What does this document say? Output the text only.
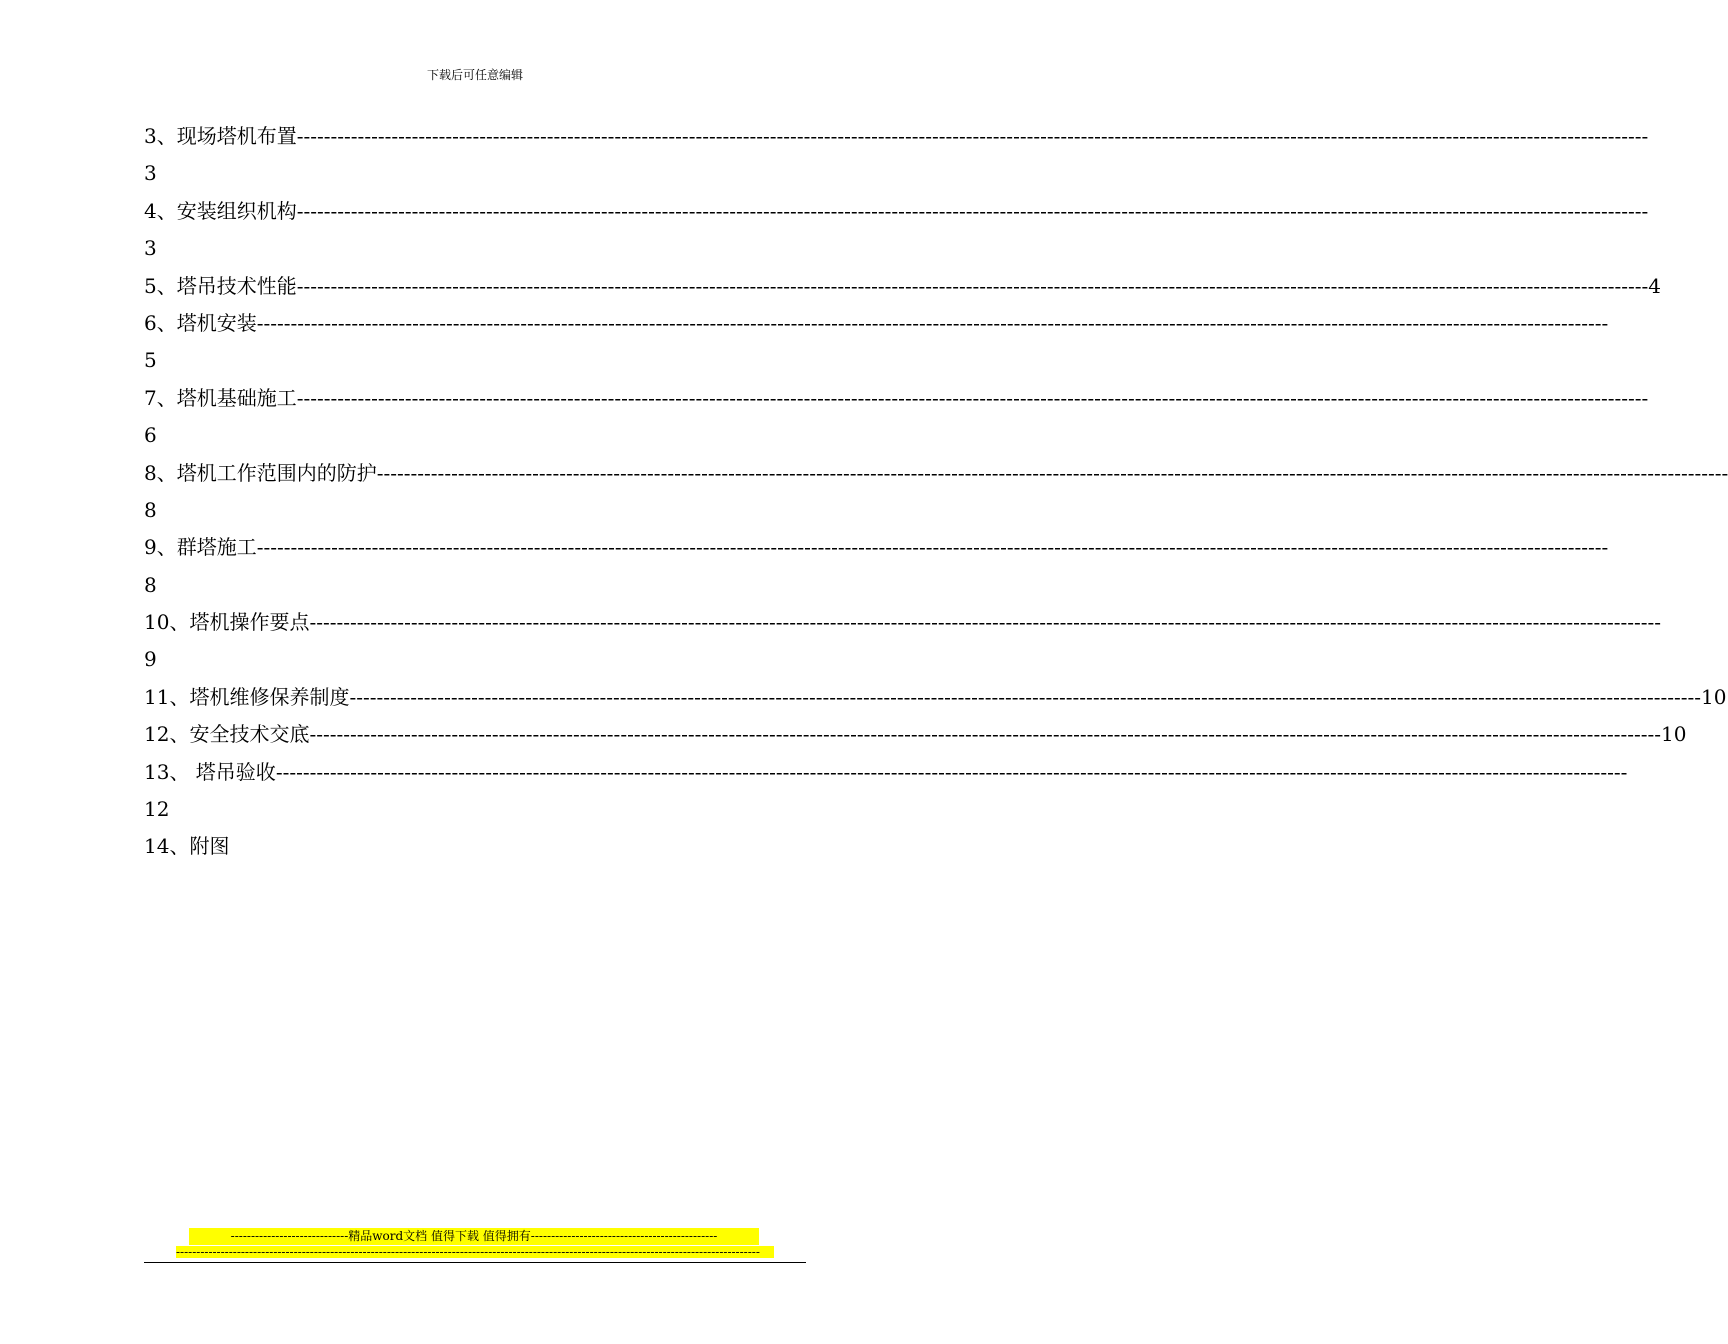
下载后可任意编辑
3、现场塔机布置 --------------------------------------------------------------------------------------------------------------------------------------------------------------------------------------------------------
3
4、安装组织机构 --------------------------------------------------------------------------------------------------------------------------------------------------------------------------------------------------------
3
5、塔吊技术性能 -------------------------------------------------------------------------------------------------------------------------------------------------------------------------------------------------------- 4
6、塔机安装 --------------------------------------------------------------------------------------------------------------------------------------------------------------------------------------------------------
5
7、塔机基础施工 --------------------------------------------------------------------------------------------------------------------------------------------------------------------------------------------------------
6
8、塔机工作范围内的防护 --------------------------------------------------------------------------------------------------------------------------------------------------------------------------------------------------------
8
9、群塔施工 --------------------------------------------------------------------------------------------------------------------------------------------------------------------------------------------------------
8
10、塔机操作要点 --------------------------------------------------------------------------------------------------------------------------------------------------------------------------------------------------------
9
11、塔机维修保养制度 -------------------------------------------------------------------------------------------------------------------------------------------------------------------------------------------------------- 10
12、安全技术交底 -------------------------------------------------------------------------------------------------------------------------------------------------------------------------------------------------------- 10
13、 塔吊验收 --------------------------------------------------------------------------------------------------------------------------------------------------------------------------------------------------------
12
14、附图
-----------------------------精品word文档 值得下载 值得拥有----------------------------------------------
------------------------------------------------------------------------------------------------------------------------------------------------
